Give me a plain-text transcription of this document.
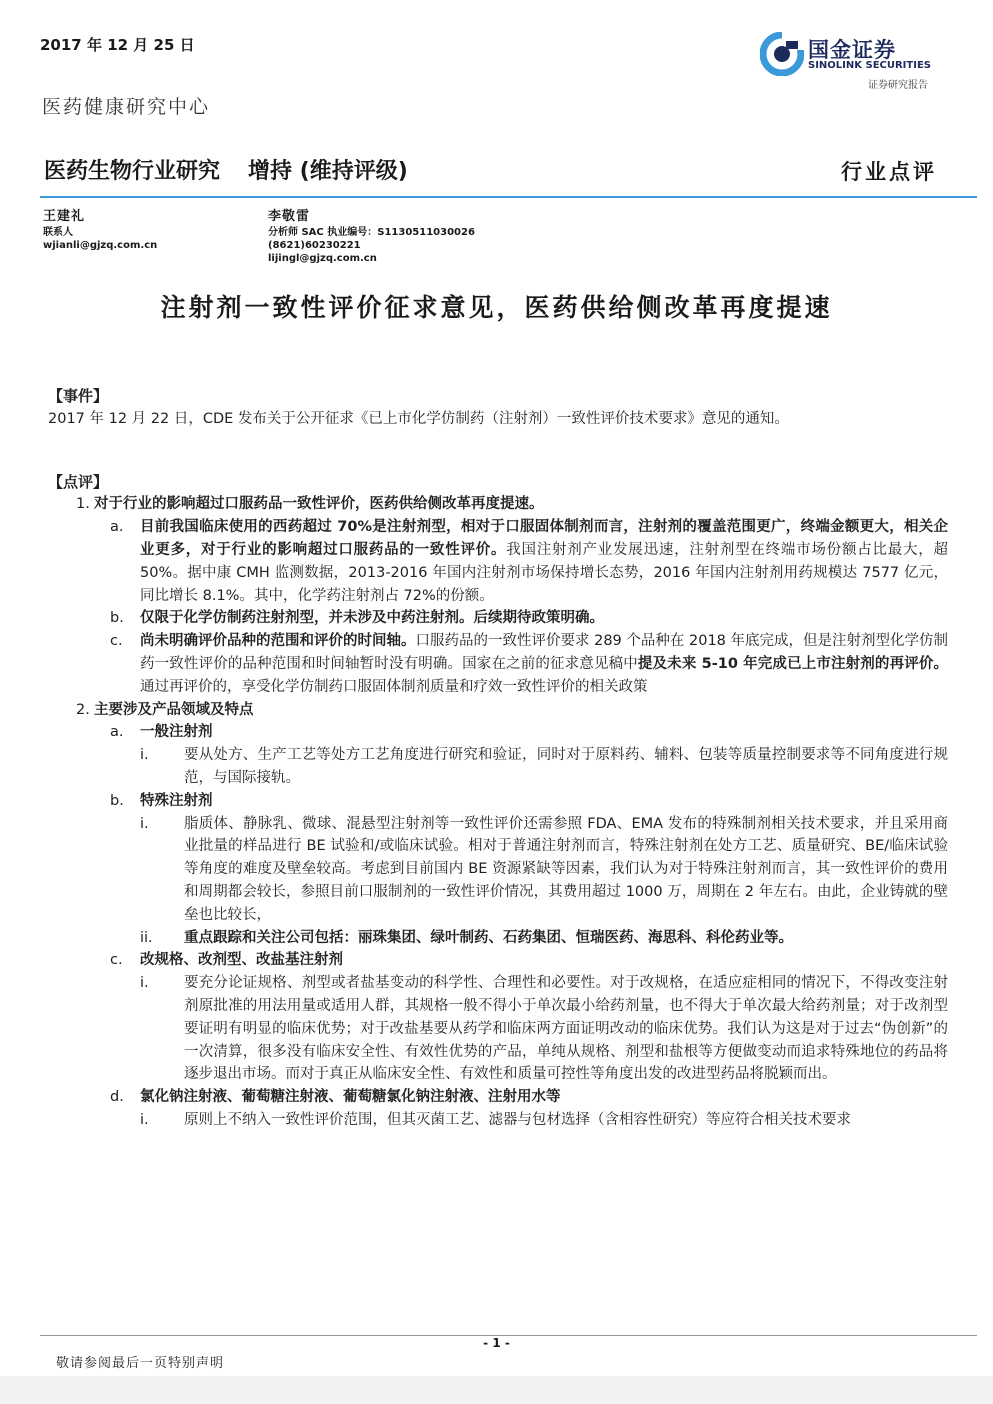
2017 年 12 月 25 日
医药健康研究中心
国金证券
SINOLINK SECURITIES
证券研究报告
医药生物行业研究 增持 (维持评级)	行业点评
王建礼
联系人
wjianli@gjzq.com.cn
李敬雷
分析师 SAC 执业编号：S1130511030026
(8621)60230221
lijingl@gjzq.com.cn
注射剂一致性评价征求意见，医药供给侧改革再度提速

【事件】

2017 年 12 月 22 日，CDE 发布关于公开征求《已上市化学仿制药（注射剂）一致性评价技术要求》意见的通知。

【点评】

1. 对于行业的影响超过口服药品一致性评价，医药供给侧改革再度提速。
a.	目前我国临床使用的西药超过 70%是注射剂型，相对于口服固体制剂而言，注射剂的覆盖范围更广，终端金额更大，相关企业更多，对于行业的影响超过口服药品的一致性评价。我国注射剂产业发展迅速，注射剂型在终端市场份额占比最大，超 50%。据中康 CMH 监测数据，2013-2016 年国内注射剂市场保持增长态势，2016 年国内注射剂用药规模达 7577 亿元，同比增长 8.1%。其中，化学药注射剂占 72%的份额。
b.	仅限于化学仿制药注射剂型，并未涉及中药注射剂。后续期待政策明确。
c.	尚未明确评价品种的范围和评价的时间轴。口服药品的一致性评价要求 289 个品种在 2018 年底完成，但是注射剂型化学仿制药一致性评价的品种范围和时间轴暂时没有明确。国家在之前的征求意见稿中提及未来 5-10 年完成已上市注射剂的再评价。通过再评价的，享受化学仿制药口服固体制剂质量和疗效一致性评价的相关政策
2. 主要涉及产品领域及特点
a.	一般注射剂
i.	要从处方、生产工艺等处方工艺角度进行研究和验证，同时对于原料药、辅料、包装等质量控制要求等不同角度进行规范，与国际接轨。
b.	特殊注射剂
i.	脂质体、静脉乳、微球、混悬型注射剂等一致性评价还需参照 FDA、EMA 发布的特殊制剂相关技术要求，并且采用商业批量的样品进行 BE 试验和/或临床试验。相对于普通注射剂而言，特殊注射剂在处方工艺、质量研究、BE/临床试验等角度的难度及壁垒较高。考虑到目前国内 BE 资源紧缺等因素，我们认为对于特殊注射剂而言，其一致性评价的费用和周期都会较长，参照目前口服制剂的一致性评价情况，其费用超过 1000 万，周期在 2 年左右。由此，企业铸就的壁垒也比较长，
ii.	重点跟踪和关注公司包括：丽珠集团、绿叶制药、石药集团、恒瑞医药、海思科、科伦药业等。
c.	改规格、改剂型、改盐基注射剂
i.	要充分论证规格、剂型或者盐基变动的科学性、合理性和必要性。对于改规格，在适应症相同的情况下，不得改变注射剂原批准的用法用量或适用人群，其规格一般不得小于单次最小给药剂量，也不得大于单次最大给药剂量；对于改剂型要证明有明显的临床优势；对于改盐基要从药学和临床两方面证明改动的临床优势。我们认为这是对于过去“伪创新”的一次清算，很多没有临床安全性、有效性优势的产品，单纯从规格、剂型和盐根等方便做变动而追求特殊地位的药品将逐步退出市场。而对于真正从临床安全性、有效性和质量可控性等角度出发的改进型药品将脱颖而出。
d.	氯化钠注射液、葡萄糖注射液、葡萄糖氯化钠注射液、注射用水等
i.	原则上不纳入一致性评价范围，但其灭菌工艺、滤器与包材选择（含相容性研究）等应符合相关技术要求
- 1 -
敬请参阅最后一页特别声明
